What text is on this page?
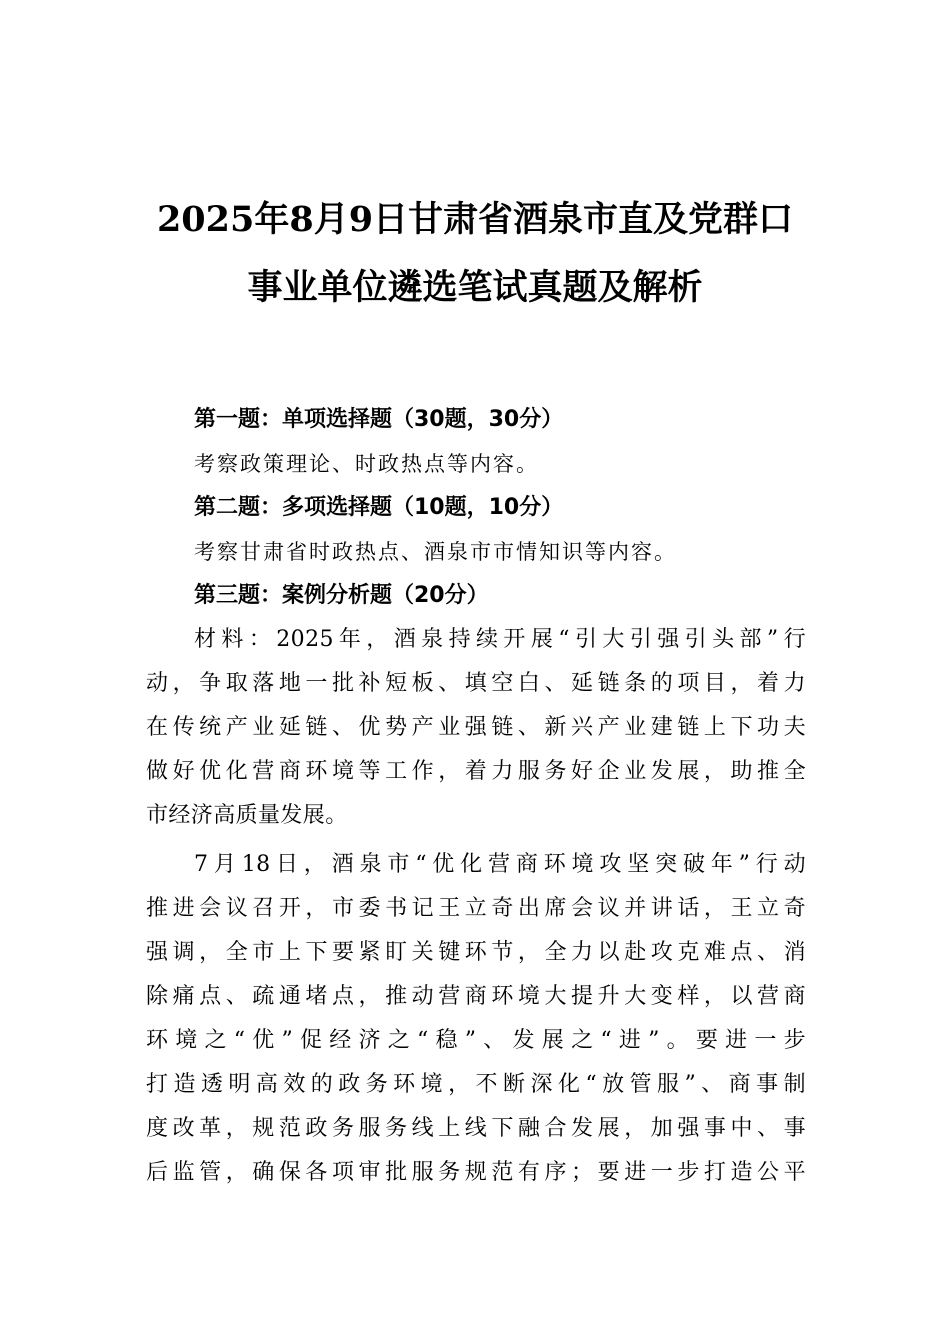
2025年8月9日甘肃省酒泉市直及党群口
事业单位遴选笔试真题及解析
第一题：单项选择题（30题，30分）
考察政策理论、时政热点等内容。
第二题：多项选择题（10题，10分）
考察甘肃省时政热点、酒泉市市情知识等内容。
第三题：案例分析题（20分）
材料：2025年，酒泉持续开展“引大引强引头部”行
动，争取落地一批补短板、填空白、延链条的项目，着力
在传统产业延链、优势产业强链、新兴产业建链上下功夫
做好优化营商环境等工作，着力服务好企业发展，助推全
市经济高质量发展。
7月18日，酒泉市“优化营商环境攻坚突破年”行动
推进会议召开，市委书记王立奇出席会议并讲话，王立奇
强调，全市上下要紧盯关键环节，全力以赴攻克难点、消
除痛点、疏通堵点，推动营商环境大提升大变样，以营商
环境之“优”促经济之“稳”、发展之“进”。要进一步
打造透明高效的政务环境，不断深化“放管服”、商事制
度改革，规范政务服务线上线下融合发展，加强事中、事
后监管，确保各项审批服务规范有序；要进一步打造公平
